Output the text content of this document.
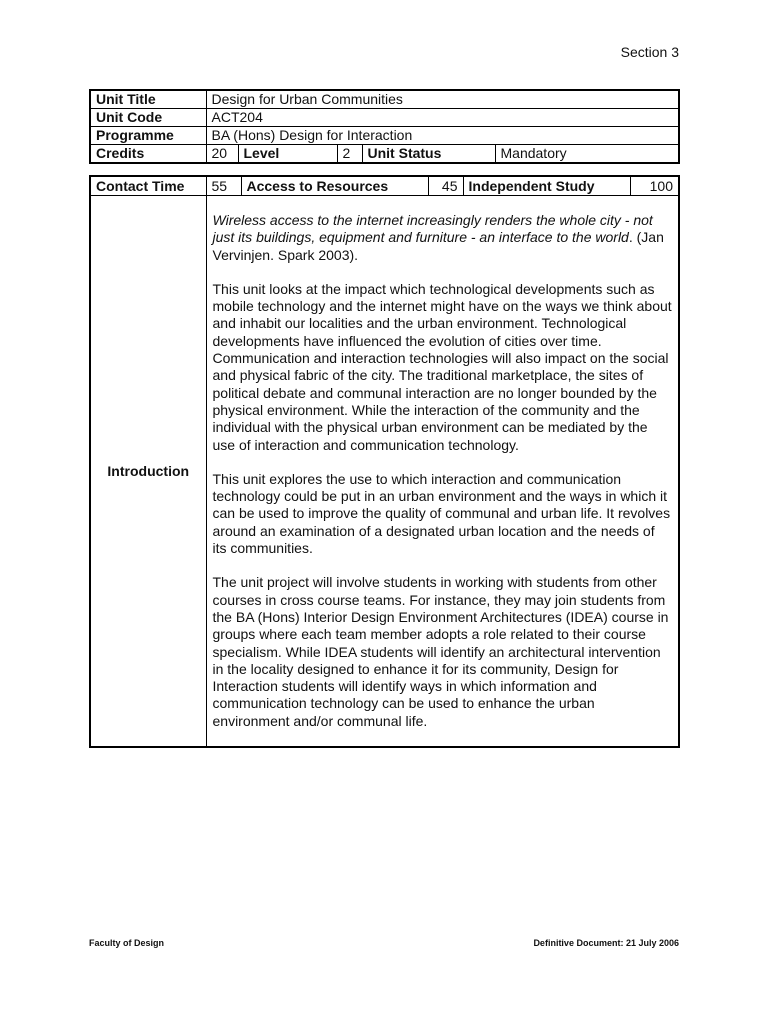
Section 3
Unit Title	Design for Urban Communities				
Unit Code	ACT204				
Programme	BA (Hons) Design for Interaction				
Credits	20	Level	2	Unit Status	Mandatory
Contact Time	55	Access to Resources	45	Independent Study	100
Introduction	Wireless access to the internet increasingly renders the whole city - not just its buildings, equipment and furniture - an interface to the world. (Jan Vervinjen. Spark 2003).

This unit looks at the impact which technological developments such as mobile technology and the internet might have on the ways we think about and inhabit our localities and the urban environment. Technological developments have influenced the evolution of cities over time. Communication and interaction technologies will also impact on the social and physical fabric of the city. The traditional marketplace, the sites of political debate and communal interaction are no longer bounded by the physical environment. While the interaction of the community and the individual with the physical urban environment can be mediated by the use of interaction and communication technology.

This unit explores the use to which interaction and communication technology could be put in an urban environment and the ways in which it can be used to improve the quality of communal and urban life. It revolves around an examination of a designated urban location and the needs of its communities.

The unit project will involve students in working with students from other courses in cross course teams. For instance, they may join students from the BA (Hons) Interior Design Environment Architectures (IDEA) course in groups where each team member adopts a role related to their course specialism. While IDEA students will identify an architectural intervention in the locality designed to enhance it for its community, Design for Interaction students will identify ways in which information and communication technology can be used to enhance the urban environment and/or communal life.				

Faculty of Design	Definitive Document: 21 July 2006
